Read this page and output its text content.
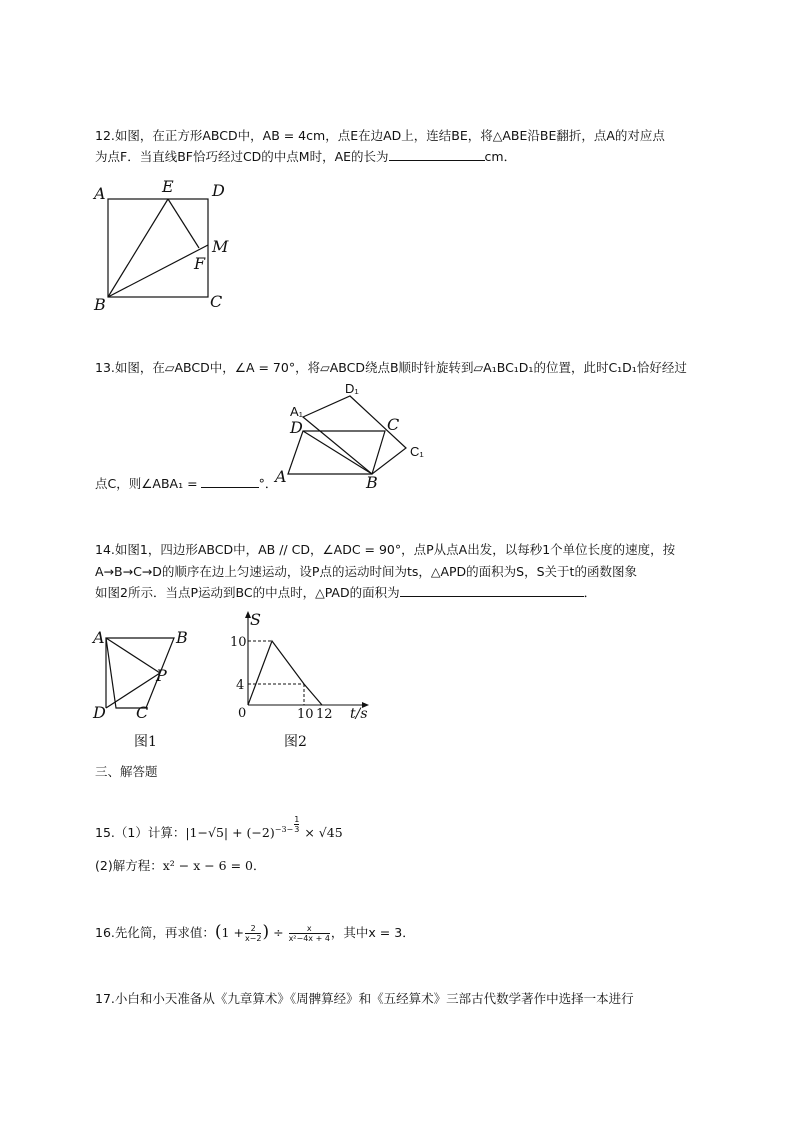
12.如图，在正方形ABCD中，AB = 4cm，点E在边AD上，连结BE，将△ABE沿BE翻折，点A的对应点
为点F．当直线BF恰巧经过CD的中点M时，AE的长为	cm．
A	E D
M
F
B	C
13.如图，在▱ABCD中，∠A = 70°，将▱ABCD绕点B顺时针旋转到▱A₁BC₁D₁的位置，此时C₁D₁恰好经过
A₁
D₁
D	C
C₁
A	B
点C，则∠ABA₁ =	°．
14.如图1，四边形ABCD中，AB // CD，∠ADC = 90°，点P从点A出发，以每秒1个单位长度的速度，按
A→B→C→D的顺序在边上匀速运动，设P点的运动时间为ts，△APD的面积为S，S关于t的函数图象
如图2所示．当点P运动到BC的中点时，△PAD的面积为	．
A	B
P
D C
图1
S
10
4
0	10 12 t/s
图2
三、解答题
15.（1）计算：$|1-√5| + (-2)^{-3-} \frac{1}{3} \times √45$
(2)解方程：x² − x − 6 = 0．
16.先化简，再求值：($1 + \frac{2}{x-2}$ ) ÷ $\frac{x}{\text{x²−4x + 4}}$ ，其中x = 3．
17.小白和小天准备从《九章算术》《周髀算经》和《五经算术》三部古代数学著作中选择一本进行
